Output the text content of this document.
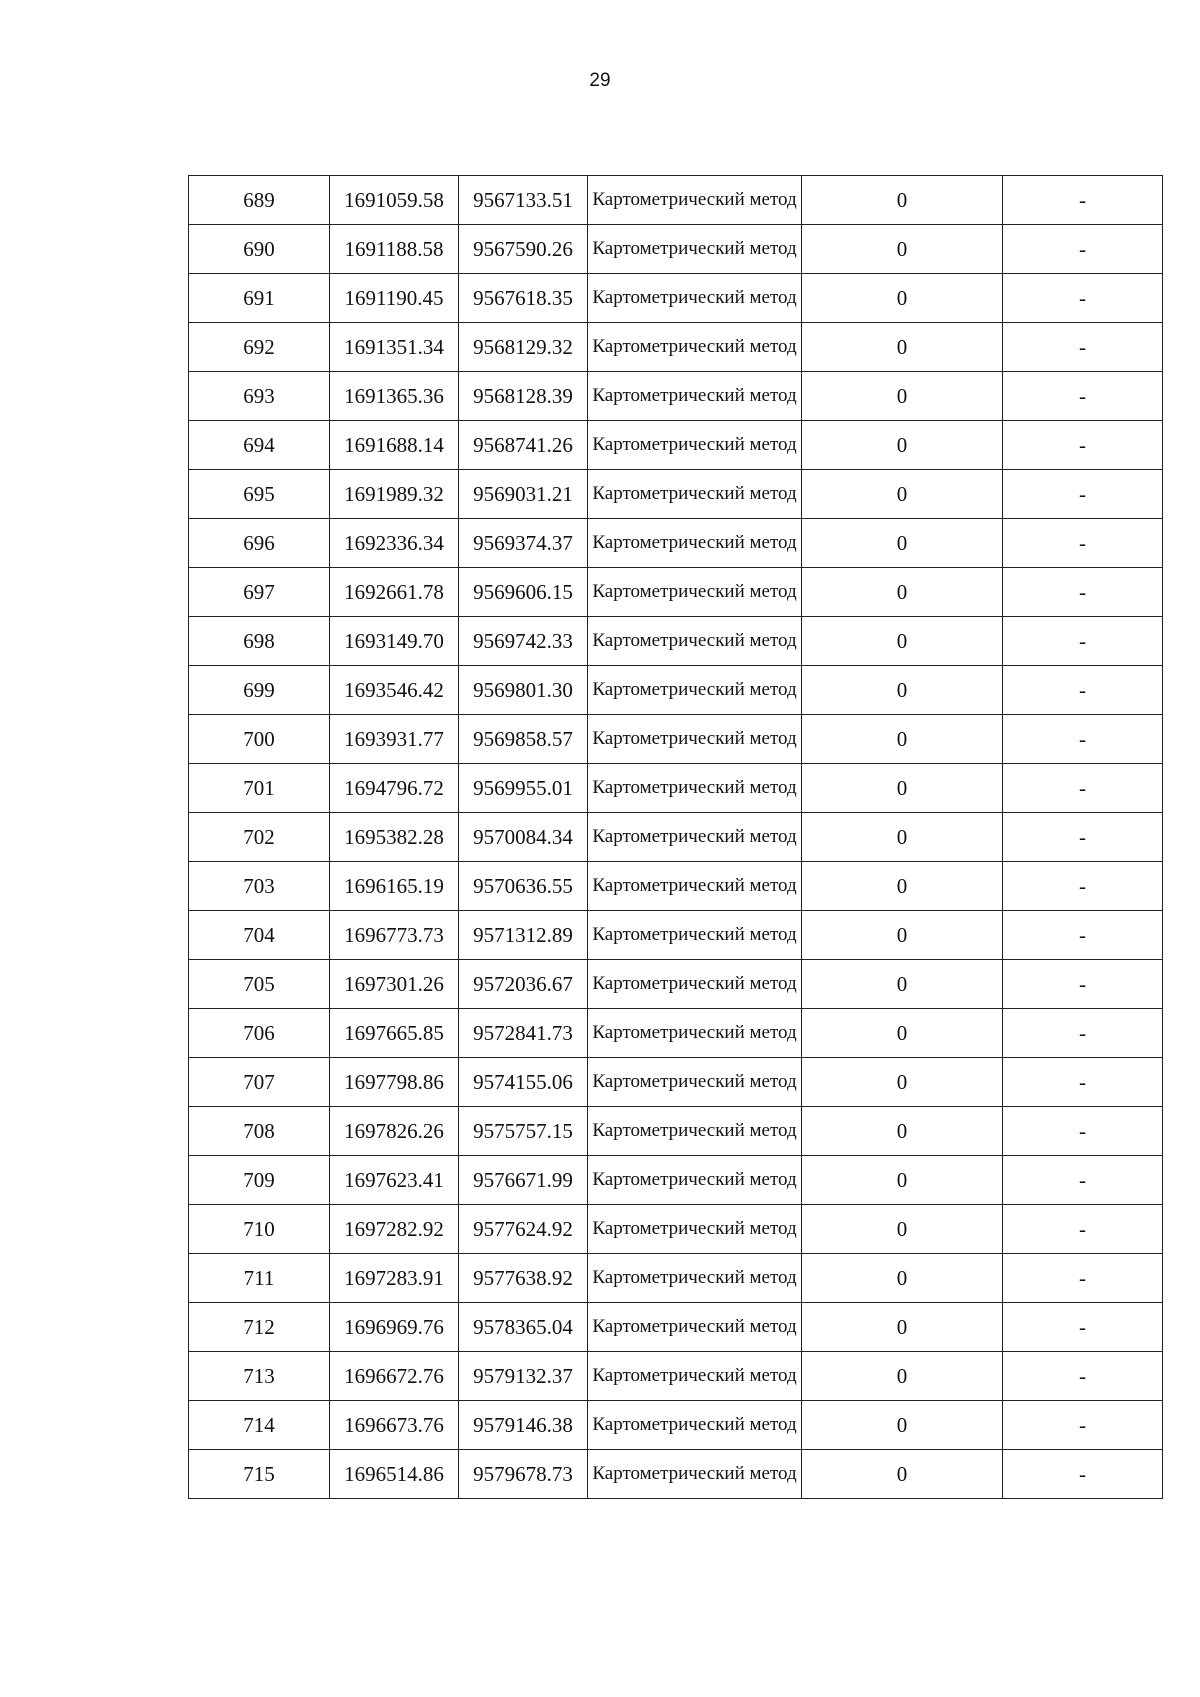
29
689	1691059.58	9567133.51	Картометрический метод	0	-
690	1691188.58	9567590.26	Картометрический метод	0	-
691	1691190.45	9567618.35	Картометрический метод	0	-
692	1691351.34	9568129.32	Картометрический метод	0	-
693	1691365.36	9568128.39	Картометрический метод	0	-
694	1691688.14	9568741.26	Картометрический метод	0	-
695	1691989.32	9569031.21	Картометрический метод	0	-
696	1692336.34	9569374.37	Картометрический метод	0	-
697	1692661.78	9569606.15	Картометрический метод	0	-
698	1693149.70	9569742.33	Картометрический метод	0	-
699	1693546.42	9569801.30	Картометрический метод	0	-
700	1693931.77	9569858.57	Картометрический метод	0	-
701	1694796.72	9569955.01	Картометрический метод	0	-
702	1695382.28	9570084.34	Картометрический метод	0	-
703	1696165.19	9570636.55	Картометрический метод	0	-
704	1696773.73	9571312.89	Картометрический метод	0	-
705	1697301.26	9572036.67	Картометрический метод	0	-
706	1697665.85	9572841.73	Картометрический метод	0	-
707	1697798.86	9574155.06	Картометрический метод	0	-
708	1697826.26	9575757.15	Картометрический метод	0	-
709	1697623.41	9576671.99	Картометрический метод	0	-
710	1697282.92	9577624.92	Картометрический метод	0	-
711	1697283.91	9577638.92	Картометрический метод	0	-
712	1696969.76	9578365.04	Картометрический метод	0	-
713	1696672.76	9579132.37	Картометрический метод	0	-
714	1696673.76	9579146.38	Картометрический метод	0	-
715	1696514.86	9579678.73	Картометрический метод	0	-
